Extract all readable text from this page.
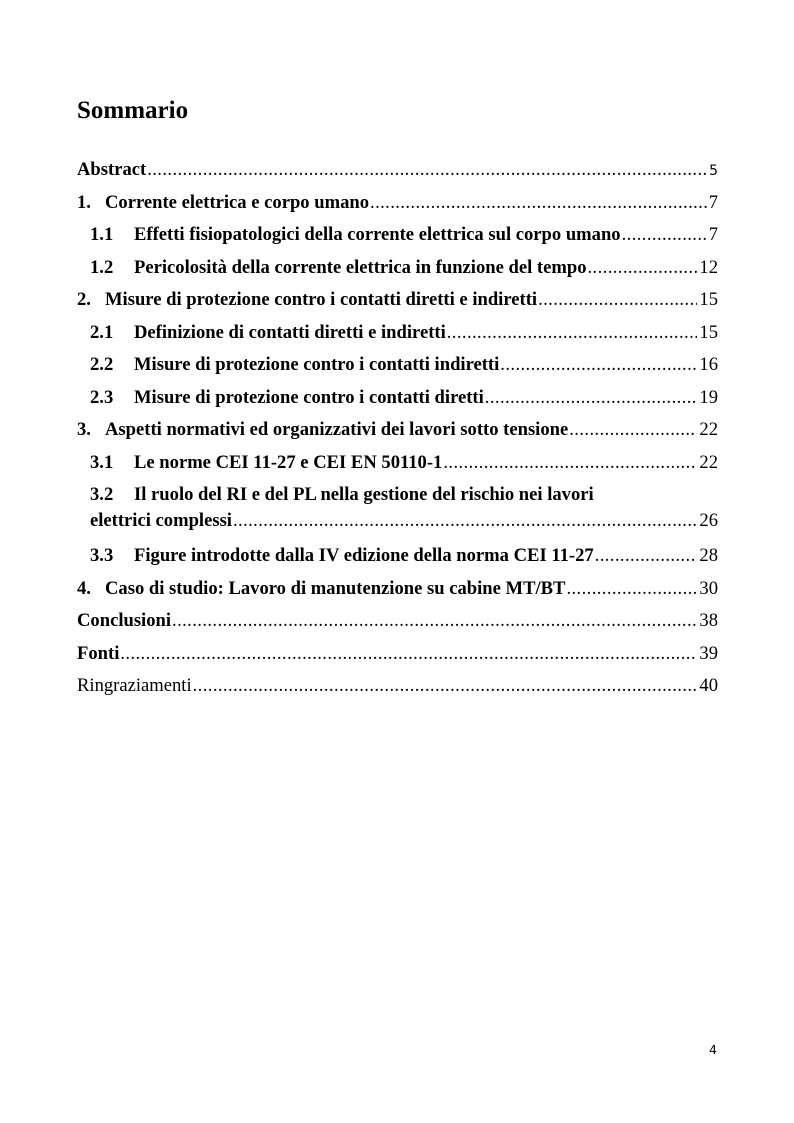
Sommario
Abstract .....	5
1. Corrente elettrica e corpo umano .....	7
1.1	Effetti fisiopatologici della corrente elettrica sul corpo umano .....	7
1.2	Pericolosità della corrente elettrica in funzione del tempo .....	12
2. Misure di protezione contro i contatti diretti e indiretti .....	15
2.1	Definizione di contatti diretti e indiretti .....	15
2.2	Misure di protezione contro i contatti indiretti .....	16
2.3	Misure di protezione contro i contatti diretti .....	19
3. Aspetti normativi ed organizzativi dei lavori sotto tensione .....	22
3.1	Le norme CEI 11-27 e CEI EN 50110-1 .....	22
3.2	Il ruolo del RI e del PL nella gestione del rischio nei lavori
elettrici complessi .....	26
3.3	Figure introdotte dalla IV edizione della norma CEI 11-27 .....	28
4. Caso di studio: Lavoro di manutenzione su cabine MT/BT .....	30
Conclusioni .....	38
Fonti .....	39
Ringraziamenti .....	40
4
